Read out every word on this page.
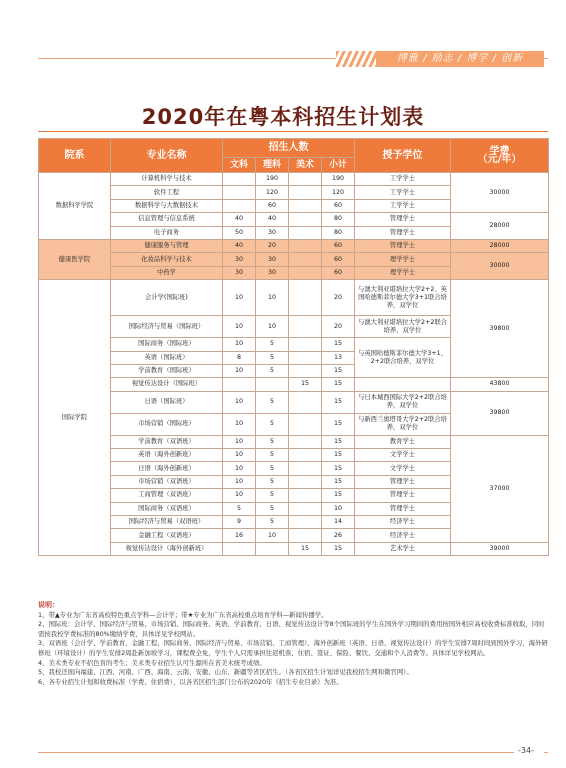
博雅 / 励志 / 博学 / 创新
2020年在粤本科招生计划表
院系	专业名称	招生人数				授予学位	学费
（元/年）
		文科	理科	美术	小计		
数据科学学院	计算机科学与技术		190		190	工学学士	30000
	软件工程		120		120	工学学士	
	数据科学与大数据技术		60		60	工学学士	
	信息管理与信息系统	40	40		80	管理学士	28000
	电子商务	50	30		80	管理学士	
健康医学院	健康服务与管理	40	20		60	管理学士	28000
	化妆品科学与技术	30	30		60	理学学士	30000
	中药学	30	30		60	理学学士	
国际学院	会计学(国际班)	10	10		20	与澳大利亚堪培拉大学2+2、英国哈德斯菲尔德大学3+1联合培养，双学位	39800
	国际经济与贸易（国际班）	10	10		20	与澳大利亚堪培拉大学2+2联合培养，双学位	
	国际商务（国际班）	10	5		15	与英国哈德斯菲尔德大学3+1、2+2联合培养，双学位	
	英语（国际班）	8	5		13		
	学前教育（国际班）	10	5		15		
	视觉传达设计（国际班）			15	15		43800
	日语（国际班）	10	5		15	与日本城西国际大学2+2联合培养，双学位	39800
	市场营销（国际班）	10	5		15	与新西兰奥塔哥大学2+2联合培养，双学位	
	学前教育（双语班）	10	5		15	教育学士	37000
	英语（海外创新班）	10	5		15	文学学士	
	日语（海外创新班）	10	5		15	文学学士	
	市场营销（双语班）	10	5		15	管理学士	
	工商管理（双语班）	10	5		15	管理学士	
	国际商务（双语班）	5	5		10	管理学士	
	国际经济与贸易（双语班）	9	5		14	经济学士	
	金融工程（双语班）	16	10		26	经济学士	
	视觉传达设计（海外创新班）			15	15	艺术学士	39000

说明：

1、带▲专业为广东省高校特色重点学科—会计学；带★专业为广东省高校重点培育学科—新闻传播学。

2、国际班：会计学、国际经济与贸易、市场营销、国际商务、英语、学前教育、日语、视觉传达设计等8个国际班的学生在国外学习期间的费用按国外相应高校收费标准收取，同时需按我校学费标准的80%缴纳学费，具体详见学校网站。

3、双语班（会计学、学前教育、金融工程、国际商务、国际经济与贸易、市场营销、工商管理）、海外创新班（英语、日语、视觉传达设计）的学生安排7周时间到国外学习，海外研修班（环境设计）的学生安排2周赴新加坡学习，课程费全免，学生个人只需承担往返机票、住宿、签证、保险、餐饮、交通和个人消费等。具体详见学校网站。

4、美术类专业不招色盲的考生；美术类专业招生认可生源所在省美术统考成绩。

5、我校还面向福建、江西、河南、广西、海南、云南、安徽、山东、新疆等省区招生。（各省区招生计划详见我校招生网和微官网）。

6、各专业招生计划和收费标准（学费、住宿费），以各省区招生部门公布的2020年《招生专业目录》为准。

-34-
